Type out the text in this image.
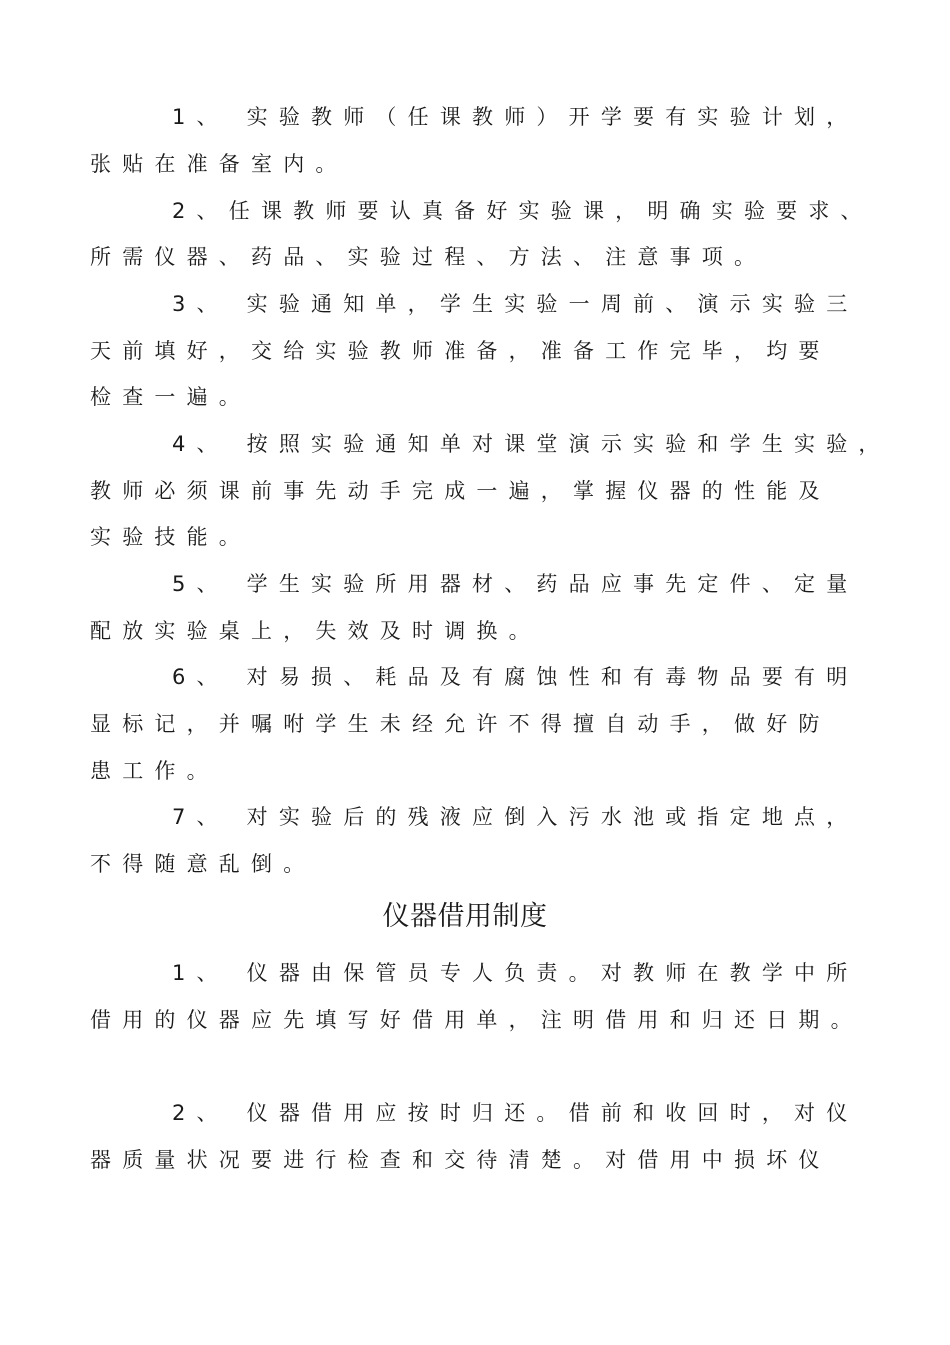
1、 实验教师（任课教师）开学要有实验计划，

张贴在准备室内。

2、任课教师要认真备好实验课，明确实验要求、

所需仪器、药品、实验过程、方法、注意事项。

3、 实验通知单，学生实验一周前、演示实验三

天前填好，交给实验教师准备，准备工作完毕，均要

检查一遍。

4、 按照实验通知单对课堂演示实验和学生实验，

教师必须课前事先动手完成一遍，掌握仪器的性能及

实验技能。

5、 学生实验所用器材、药品应事先定件、定量

配放实验桌上，失效及时调换。

6、 对易损、耗品及有腐蚀性和有毒物品要有明

显标记，并嘱咐学生未经允许不得擅自动手，做好防

患工作。

7、 对实验后的残液应倒入污水池或指定地点，

不得随意乱倒。

仪器借用制度

1、 仪器由保管员专人负责。对教师在教学中所

借用的仪器应先填写好借用单，注明借用和归还日期。

2、 仪器借用应按时归还。借前和收回时，对仪

器质量状况要进行检查和交待清楚。对借用中损坏仪
